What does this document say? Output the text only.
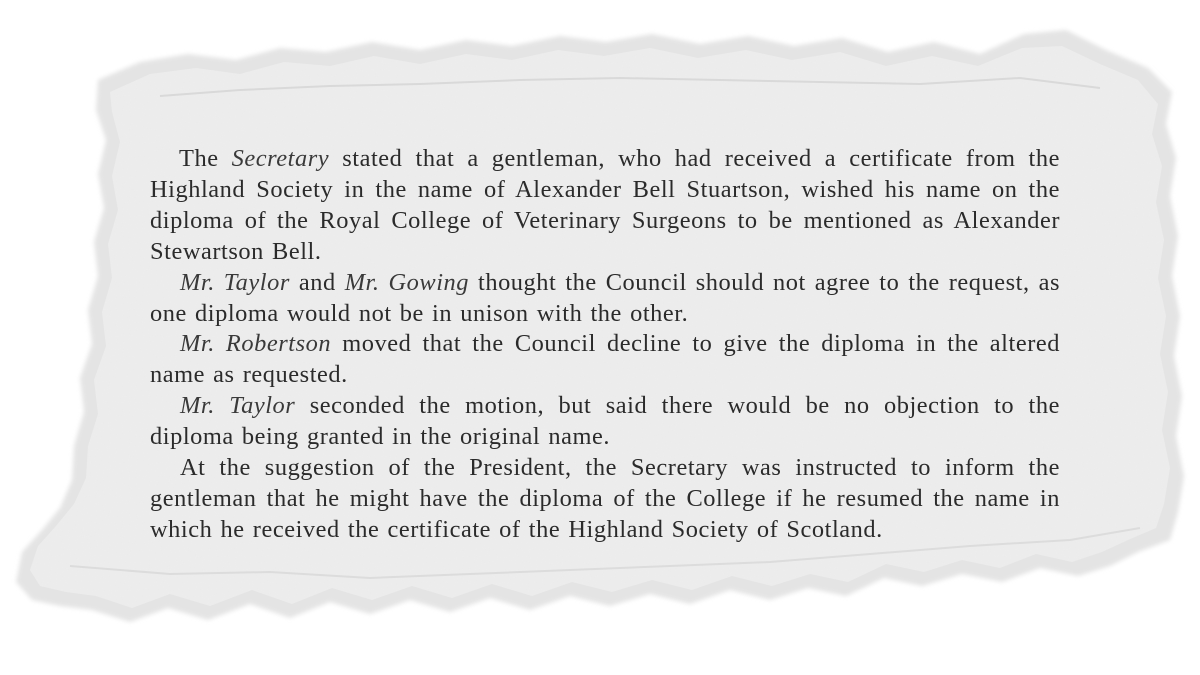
The Secretary stated that a gentleman, who had received a certificate from the Highland Society in the name of Alexander Bell Stuartson, wished his name on the diploma of the Royal College of Veterinary Surgeons to be mentioned as Alexander Stewartson Bell.

Mr. Taylor and Mr. Gowing thought the Council should not agree to the request, as one diploma would not be in unison with the other.

Mr. Robertson moved that the Council decline to give the diploma in the altered name as requested.

Mr. Taylor seconded the motion, but said there would be no objection to the diploma being granted in the original name.

At the suggestion of the President, the Secretary was instructed to inform the gentleman that he might have the diploma of the College if he resumed the name in which he received the certificate of the Highland Society of Scotland.
